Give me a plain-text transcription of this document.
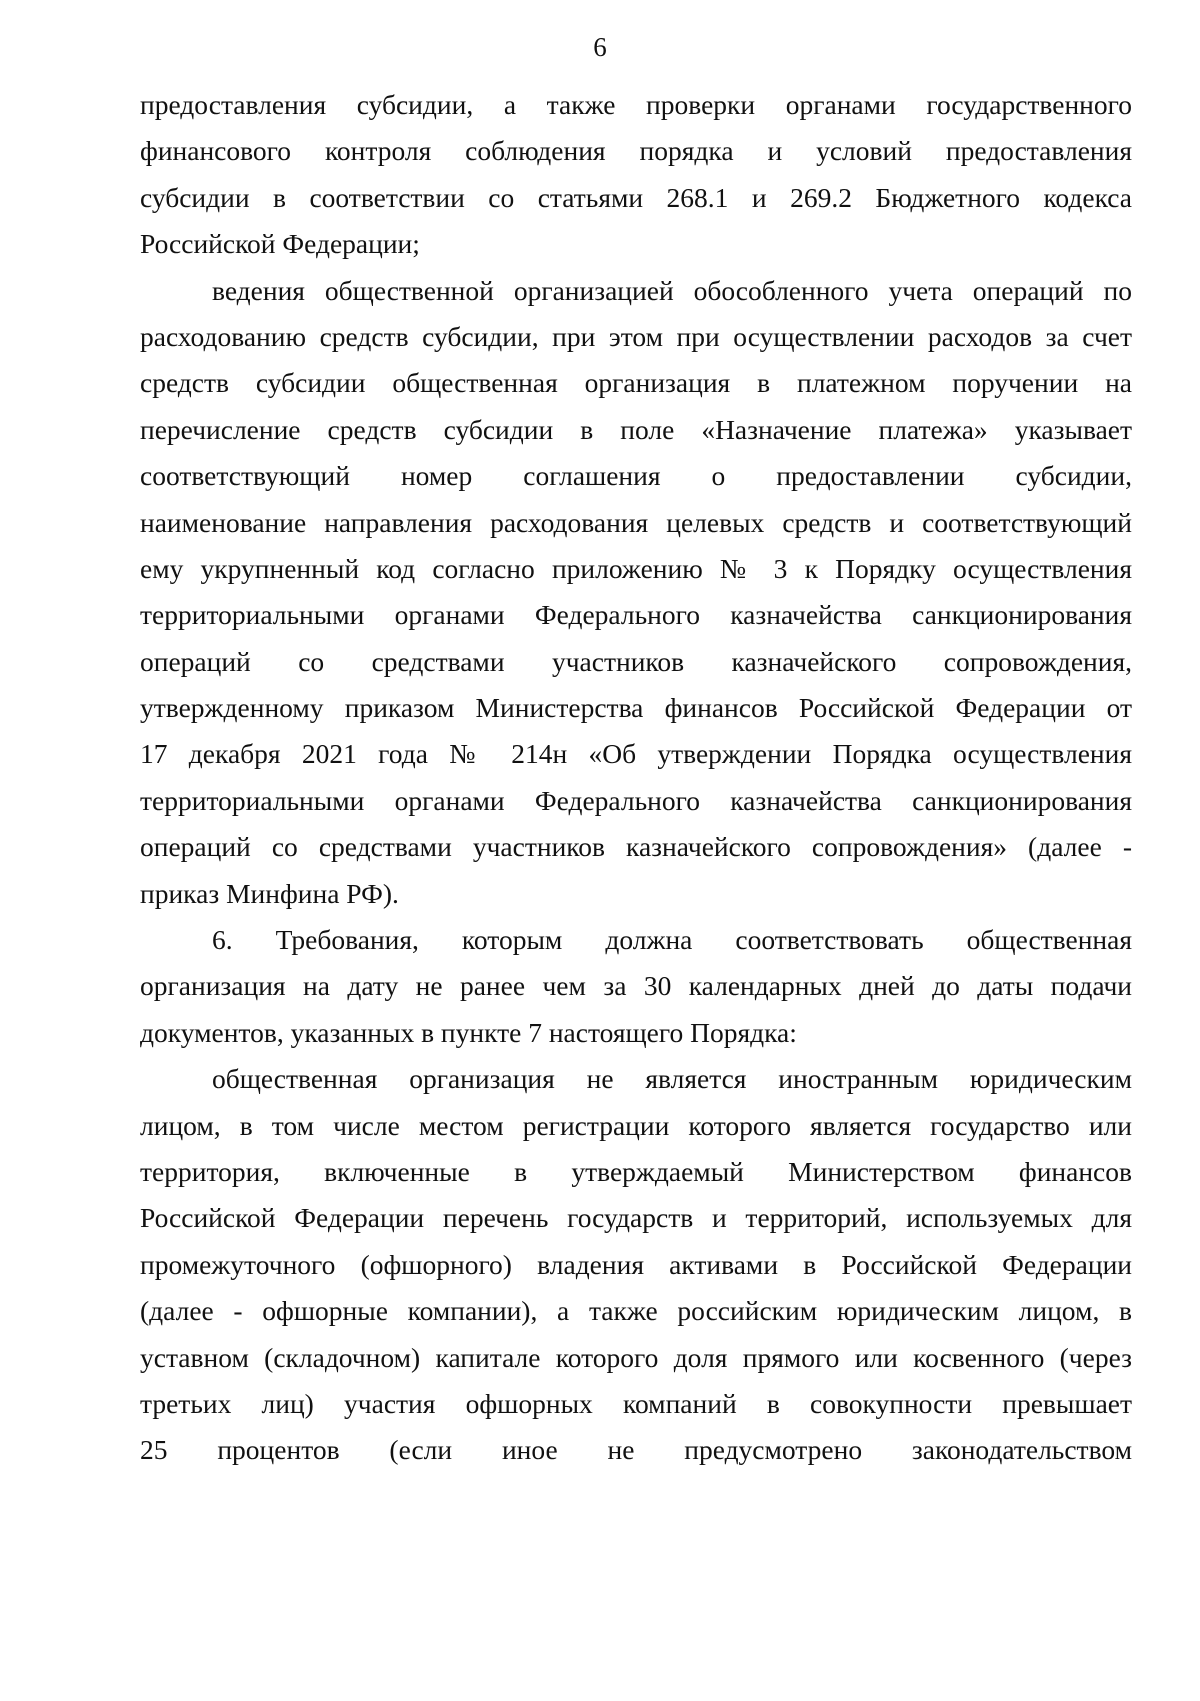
6
предоставления субсидии, а также проверки органами государственного
финансового контроля соблюдения порядка и условий предоставления
субсидии в соответствии со статьями 268.1 и 269.2 Бюджетного кодекса
Российской Федерации;
ведения общественной организацией обособленного учета операций по
расходованию средств субсидии, при этом при осуществлении расходов за счет
средств субсидии общественная организация в платежном поручении на
перечисление средств субсидии в поле «Назначение платежа» указывает
соответствующий номер соглашения о предоставлении субсидии,
наименование направления расходования целевых средств и соответствующий
ему укрупненный код согласно приложению № 3 к Порядку осуществления
территориальными органами Федерального казначейства санкционирования
операций со средствами участников казначейского сопровождения,
утвержденному приказом Министерства финансов Российской Федерации от
17 декабря 2021 года № 214н «Об утверждении Порядка осуществления
территориальными органами Федерального казначейства санкционирования
операций со средствами участников казначейского сопровождения» (далее -
приказ Минфина РФ).
6. Требования, которым должна соответствовать общественная
организация на дату не ранее чем за 30 календарных дней до даты подачи
документов, указанных в пункте 7 настоящего Порядка:
общественная организация не является иностранным юридическим
лицом, в том числе местом регистрации которого является государство или
территория, включенные в утверждаемый Министерством финансов
Российской Федерации перечень государств и территорий, используемых для
промежуточного (офшорного) владения активами в Российской Федерации
(далее - офшорные компании), а также российским юридическим лицом, в
уставном (складочном) капитале которого доля прямого или косвенного (через
третьих лиц) участия офшорных компаний в совокупности превышает
25 процентов (если иное не предусмотрено законодательством
